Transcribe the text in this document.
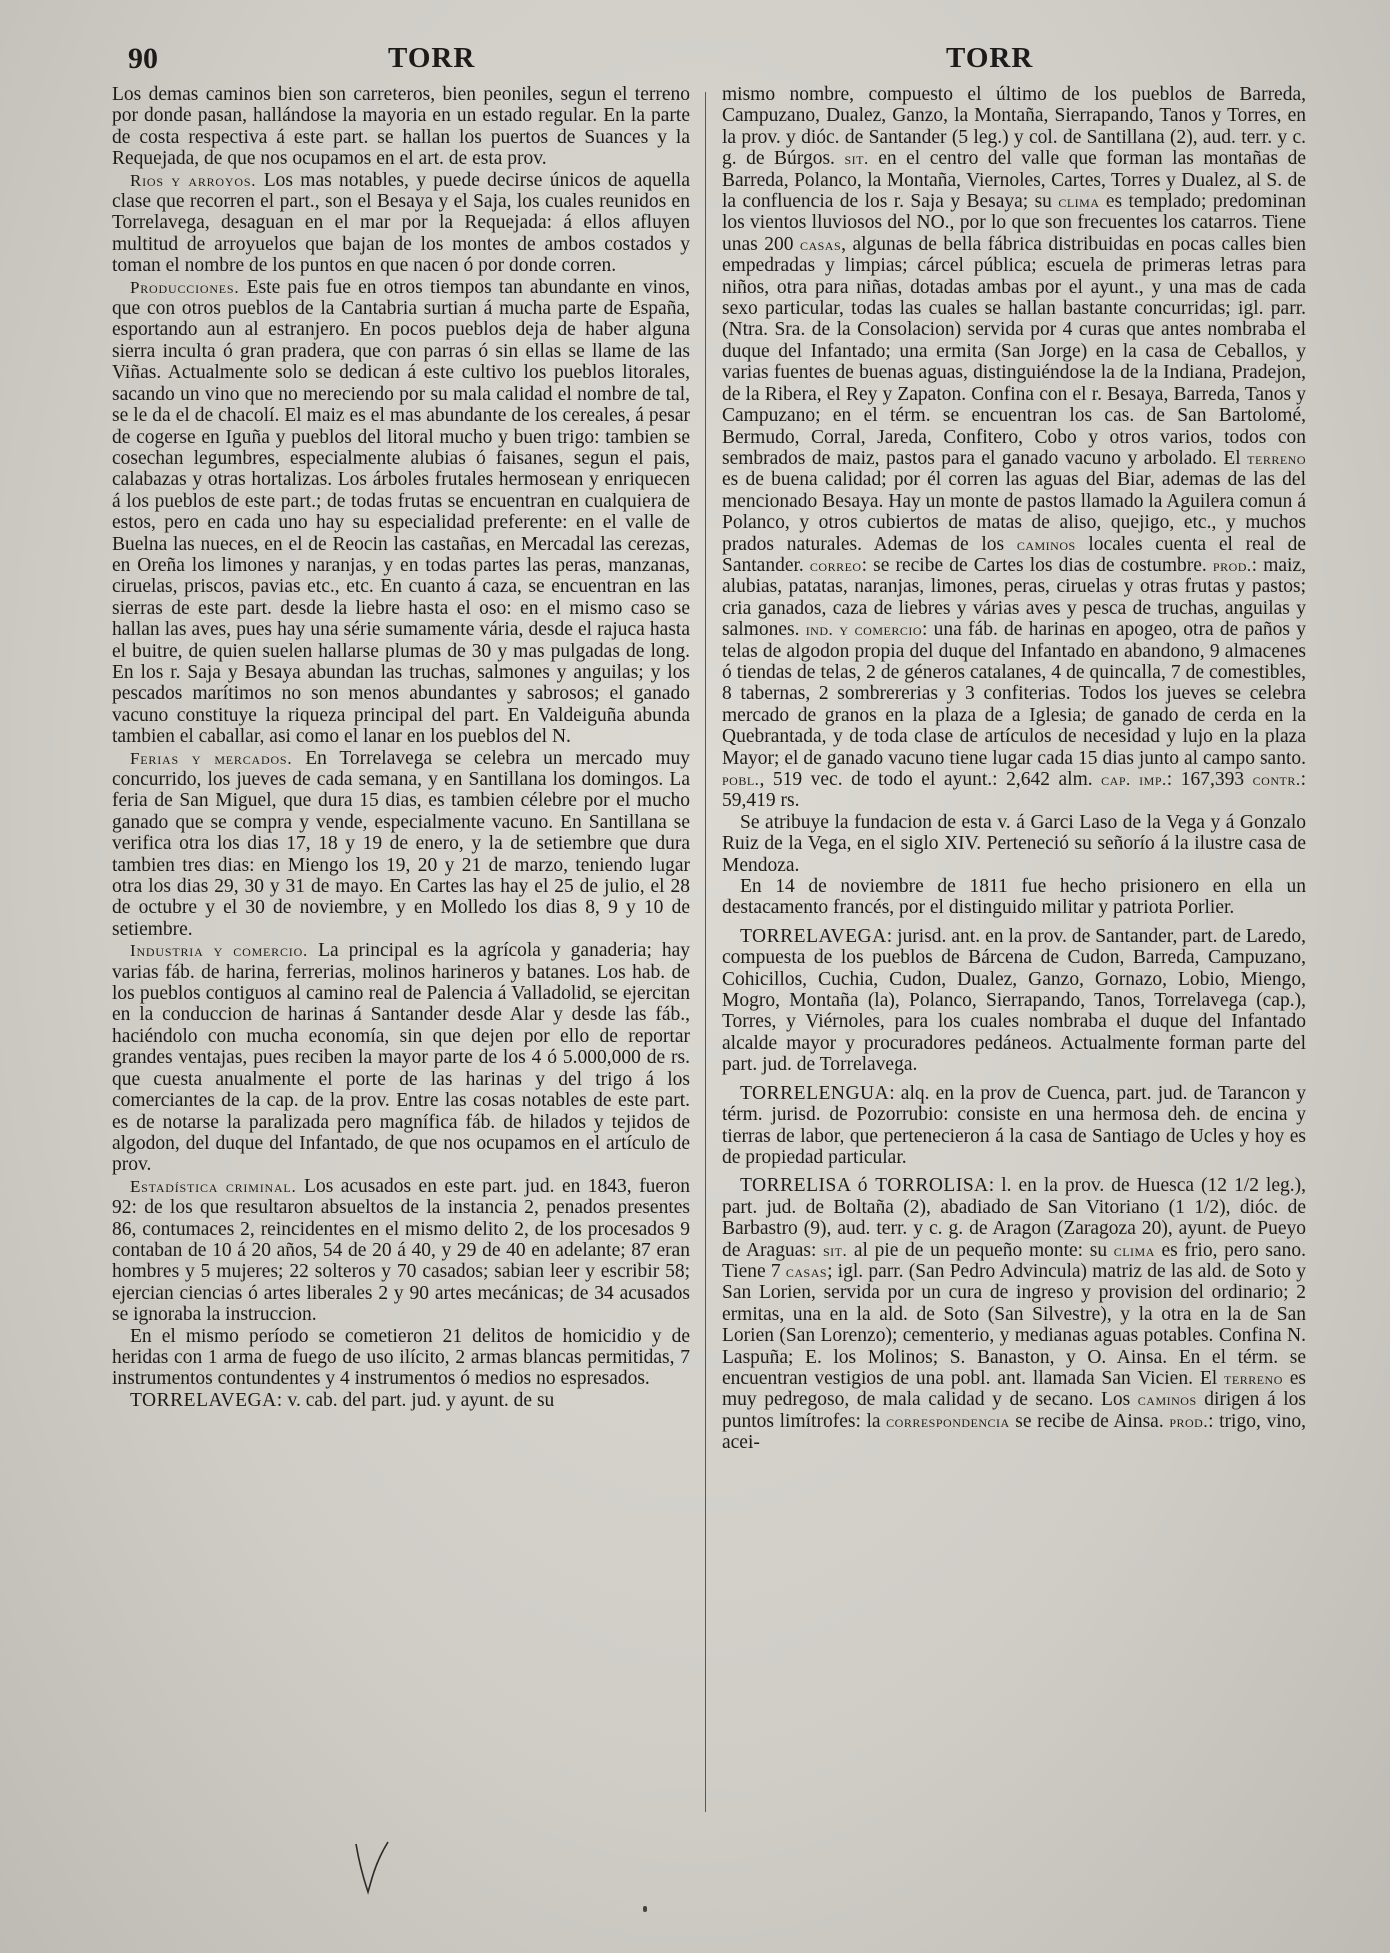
90	TORR	TORR

Los demas caminos bien son carreteros, bien peoniles, segun el terreno por donde pasan, hallándose la mayoria en un estado regular. En la parte de costa respectiva á este part. se hallan los puertos de Suances y la Requejada, de que nos ocupamos en el art. de esta prov.

Rios y arroyos. Los mas notables, y puede decirse únicos de aquella clase que recorren el part., son el Besaya y el Saja, los cuales reunidos en Torrelavega, desaguan en el mar por la Requejada: á ellos afluyen multitud de arroyuelos que bajan de los montes de ambos costados y toman el nombre de los puntos en que nacen ó por donde corren.

Producciones. Este pais fue en otros tiempos tan abundante en vinos, que con otros pueblos de la Cantabria surtian á mucha parte de España, esportando aun al estranjero. En pocos pueblos deja de haber alguna sierra inculta ó gran pradera, que con parras ó sin ellas se llame de las Viñas. Actualmente solo se dedican á este cultivo los pueblos litorales, sacando un vino que no mereciendo por su mala calidad el nombre de tal, se le da el de chacolí. El maiz es el mas abundante de los cereales, á pesar de cogerse en Iguña y pueblos del litoral mucho y buen trigo: tambien se cosechan legumbres, especialmente alubias ó faisanes, segun el pais, calabazas y otras hortalizas. Los árboles frutales hermosean y enriquecen á los pueblos de este part.; de todas frutas se encuentran en cualquiera de estos, pero en cada uno hay su especialidad preferente: en el valle de Buelna las nueces, en el de Reocin las castañas, en Mercadal las cerezas, en Oreña los limones y naranjas, y en todas partes las peras, manzanas, ciruelas, priscos, pavias etc., etc. En cuanto á caza, se encuentran en las sierras de este part. desde la liebre hasta el oso: en el mismo caso se hallan las aves, pues hay una série sumamente vária, desde el rajuca hasta el buitre, de quien suelen hallarse plumas de 30 y mas pulgadas de long. En los r. Saja y Besaya abundan las truchas, salmones y anguilas; y los pescados marítimos no son menos abundantes y sabrosos; el ganado vacuno constituye la riqueza principal del part. En Valdeiguña abunda tambien el caballar, asi como el lanar en los pueblos del N.

Ferias y mercados. En Torrelavega se celebra un mercado muy concurrido, los jueves de cada semana, y en Santillana los domingos. La feria de San Miguel, que dura 15 dias, es tambien célebre por el mucho ganado que se compra y vende, especialmente vacuno. En Santillana se verifica otra los dias 17, 18 y 19 de enero, y la de setiembre que dura tambien tres dias: en Miengo los 19, 20 y 21 de marzo, teniendo lugar otra los dias 29, 30 y 31 de mayo. En Cartes las hay el 25 de julio, el 28 de octubre y el 30 de noviembre, y en Molledo los dias 8, 9 y 10 de setiembre.

Industria y comercio. La principal es la agrícola y ganaderia; hay varias fáb. de harina, ferrerias, molinos harineros y batanes. Los hab. de los pueblos contiguos al camino real de Palencia á Valladolid, se ejercitan en la conduccion de harinas á Santander desde Alar y desde las fáb., haciéndolo con mucha economía, sin que dejen por ello de reportar grandes ventajas, pues reciben la mayor parte de los 4 ó 5.000,000 de rs. que cuesta anualmente el porte de las harinas y del trigo á los comerciantes de la cap. de la prov. Entre las cosas notables de este part. es de notarse la paralizada pero magnífica fáb. de hilados y tejidos de algodon, del duque del Infantado, de que nos ocupamos en el artículo de prov.

Estadística criminal. Los acusados en este part. jud. en 1843, fueron 92: de los que resultaron absueltos de la instancia 2, penados presentes 86, contumaces 2, reincidentes en el mismo delito 2, de los procesados 9 contaban de 10 á 20 años, 54 de 20 á 40, y 29 de 40 en adelante; 87 eran hombres y 5 mujeres; 22 solteros y 70 casados; sabian leer y escribir 58; ejercian ciencias ó artes liberales 2 y 90 artes mecánicas; de 34 acusados se ignoraba la instruccion.

En el mismo período se cometieron 21 delitos de homicidio y de heridas con 1 arma de fuego de uso ilícito, 2 armas blancas permitidas, 7 instrumentos contundentes y 4 instrumentos ó medios no espresados.

TORRELAVEGA: v. cab. del part. jud. y ayunt. de su

mismo nombre, compuesto el último de los pueblos de Barreda, Campuzano, Dualez, Ganzo, la Montaña, Sierrapando, Tanos y Torres, en la prov. y dióc. de Santander (5 leg.) y col. de Santillana (2), aud. terr. y c. g. de Búrgos. sit. en el centro del valle que forman las montañas de Barreda, Polanco, la Montaña, Viernoles, Cartes, Torres y Dualez, al S. de la confluencia de los r. Saja y Besaya; su clima es templado; predominan los vientos lluviosos del NO., por lo que son frecuentes los catarros. Tiene unas 200 casas, algunas de bella fábrica distribuidas en pocas calles bien empedradas y limpias; cárcel pública; escuela de primeras letras para niños, otra para niñas, dotadas ambas por el ayunt., y una mas de cada sexo particular, todas las cuales se hallan bastante concurridas; igl. parr. (Ntra. Sra. de la Consolacion) servida por 4 curas que antes nombraba el duque del Infantado; una ermita (San Jorge) en la casa de Ceballos, y varias fuentes de buenas aguas, distinguiéndose la de la Indiana, Pradejon, de la Ribera, el Rey y Zapaton. Confina con el r. Besaya, Barreda, Tanos y Campuzano; en el térm. se encuentran los cas. de San Bartolomé, Bermudo, Corral, Jareda, Confitero, Cobo y otros varios, todos con sembrados de maiz, pastos para el ganado vacuno y arbolado. El terreno es de buena calidad; por él corren las aguas del Biar, ademas de las del mencionado Besaya. Hay un monte de pastos llamado la Aguilera comun á Polanco, y otros cubiertos de matas de aliso, quejigo, etc., y muchos prados naturales. Ademas de los caminos locales cuenta el real de Santander. correo: se recibe de Cartes los dias de costumbre. prod.: maiz, alubias, patatas, naranjas, limones, peras, ciruelas y otras frutas y pastos; cria ganados, caza de liebres y várias aves y pesca de truchas, anguilas y salmones. ind. y comercio: una fáb. de harinas en apogeo, otra de paños y telas de algodon propia del duque del Infantado en abandono, 9 almacenes ó tiendas de telas, 2 de géneros catalanes, 4 de quincalla, 7 de comestibles, 8 tabernas, 2 sombrererias y 3 confiterias. Todos los jueves se celebra mercado de granos en la plaza de a Iglesia; de ganado de cerda en la Quebrantada, y de toda clase de artículos de necesidad y lujo en la plaza Mayor; el de ganado vacuno tiene lugar cada 15 dias junto al campo santo. pobl., 519 vec. de todo el ayunt.: 2,642 alm. cap. imp.: 167,393 contr.: 59,419 rs.

Se atribuye la fundacion de esta v. á Garci Laso de la Vega y á Gonzalo Ruiz de la Vega, en el siglo XIV. Perteneció su señorío á la ilustre casa de Mendoza.

En 14 de noviembre de 1811 fue hecho prisionero en ella un destacamento francés, por el distinguido militar y patriota Porlier.

TORRELAVEGA: jurisd. ant. en la prov. de Santander, part. de Laredo, compuesta de los pueblos de Bárcena de Cudon, Barreda, Campuzano, Cohicillos, Cuchia, Cudon, Dualez, Ganzo, Gornazo, Lobio, Miengo, Mogro, Montaña (la), Polanco, Sierrapando, Tanos, Torrelavega (cap.), Torres, y Viérnoles, para los cuales nombraba el duque del Infantado alcalde mayor y procuradores pedáneos. Actualmente forman parte del part. jud. de Torrelavega.

TORRELENGUA: alq. en la prov de Cuenca, part. jud. de Tarancon y térm. jurisd. de Pozorrubio: consiste en una hermosa deh. de encina y tierras de labor, que pertenecieron á la casa de Santiago de Ucles y hoy es de propiedad particular.

TORRELISA ó TORROLISA: l. en la prov. de Huesca (12 1/2 leg.), part. jud. de Boltaña (2), abadiado de San Vitoriano (1 1/2), dióc. de Barbastro (9), aud. terr. y c. g. de Aragon (Zaragoza 20), ayunt. de Pueyo de Araguas: sit. al pie de un pequeño monte: su clima es frio, pero sano. Tiene 7 casas; igl. parr. (San Pedro Advincula) matriz de las ald. de Soto y San Lorien, servida por un cura de ingreso y provision del ordinario; 2 ermitas, una en la ald. de Soto (San Silvestre), y la otra en la de San Lorien (San Lorenzo); cementerio, y medianas aguas potables. Confina N. Laspuña; E. los Molinos; S. Banaston, y O. Ainsa. En el térm. se encuentran vestigios de una pobl. ant. llamada San Vicien. El terreno es muy pedregoso, de mala calidad y de secano. Los caminos dirigen á los puntos limítrofes: la correspondencia se recibe de Ainsa. prod.: trigo, vino, acei-
